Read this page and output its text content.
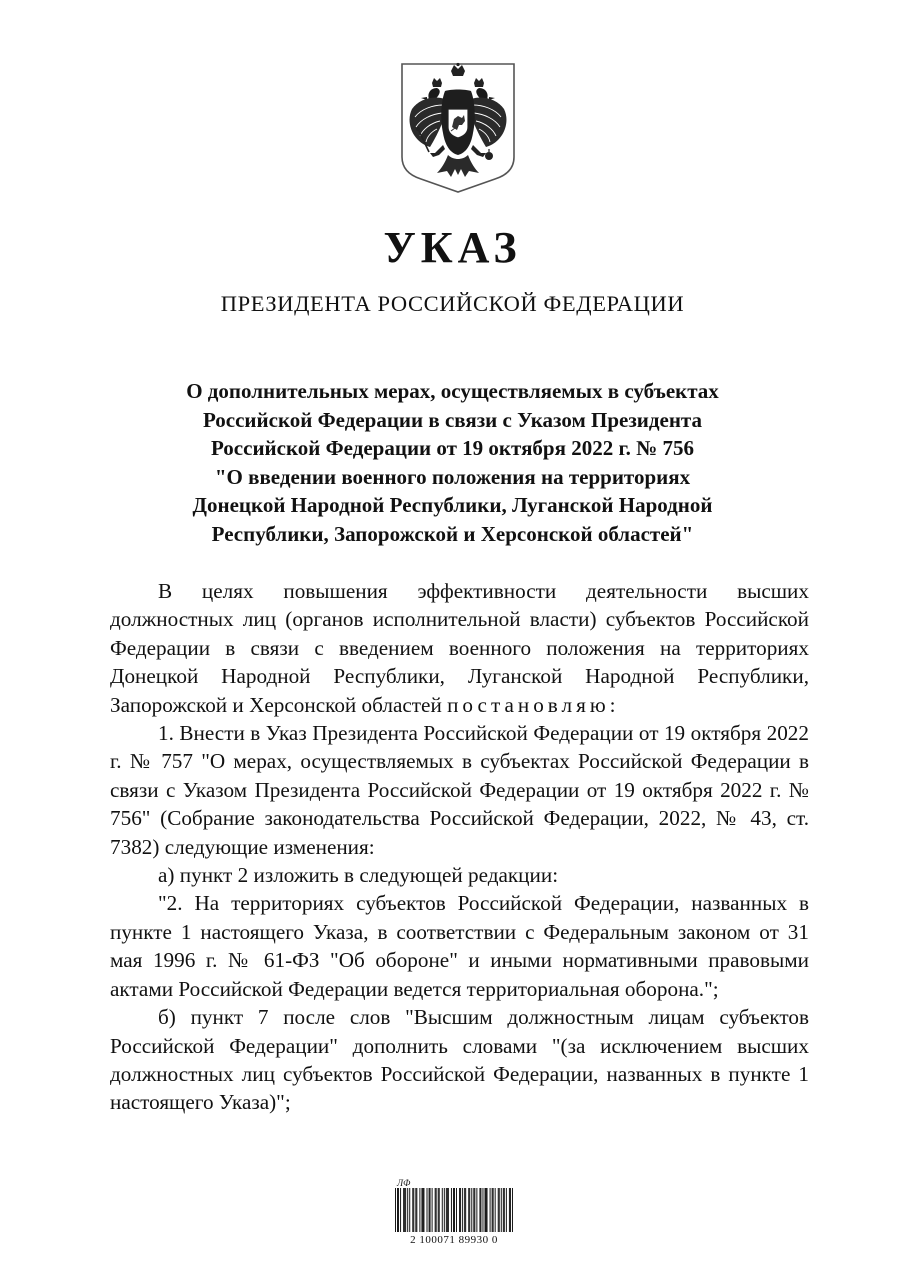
УКАЗ
ПРЕЗИДЕНТА РОССИЙСКОЙ ФЕДЕРАЦИИ
О дополнительных мерах, осуществляемых в субъектах
Российской Федерации в связи с Указом Президента
Российской Федерации от 19 октября 2022 г. № 756
"О введении военного положения на территориях
Донецкой Народной Республики, Луганской Народной
Республики, Запорожской и Херсонской областей"

В целях повышения эффективности деятельности высших должностных лиц (органов исполнительной власти) субъектов Российской Федерации в связи с введением военного положения на территориях Донецкой Народной Республики, Луганской Народной Республики, Запорожской и Херсонской областей постановляю:

1. Внести в Указ Президента Российской Федерации от 19 октября 2022 г. № 757 "О мерах, осуществляемых в субъектах Российской Федерации в связи с Указом Президента Российской Федерации от 19 октября 2022 г. № 756" (Собрание законодательства Российской Федерации, 2022, № 43, ст. 7382) следующие изменения:

а) пункт 2 изложить в следующей редакции:

"2. На территориях субъектов Российской Федерации, названных в пункте 1 настоящего Указа, в соответствии с Федеральным законом от 31 мая 1996 г. № 61-ФЗ "Об обороне" и иными нормативными правовыми актами Российской Федерации ведется территориальная оборона.";

б) пункт 7 после слов "Высшим должностным лицам субъектов Российской Федерации" дополнить словами "(за исключением высших должностных лиц субъектов Российской Федерации, названных в пункте 1 настоящего Указа)";

ЛФ
2 100071 89930 0
